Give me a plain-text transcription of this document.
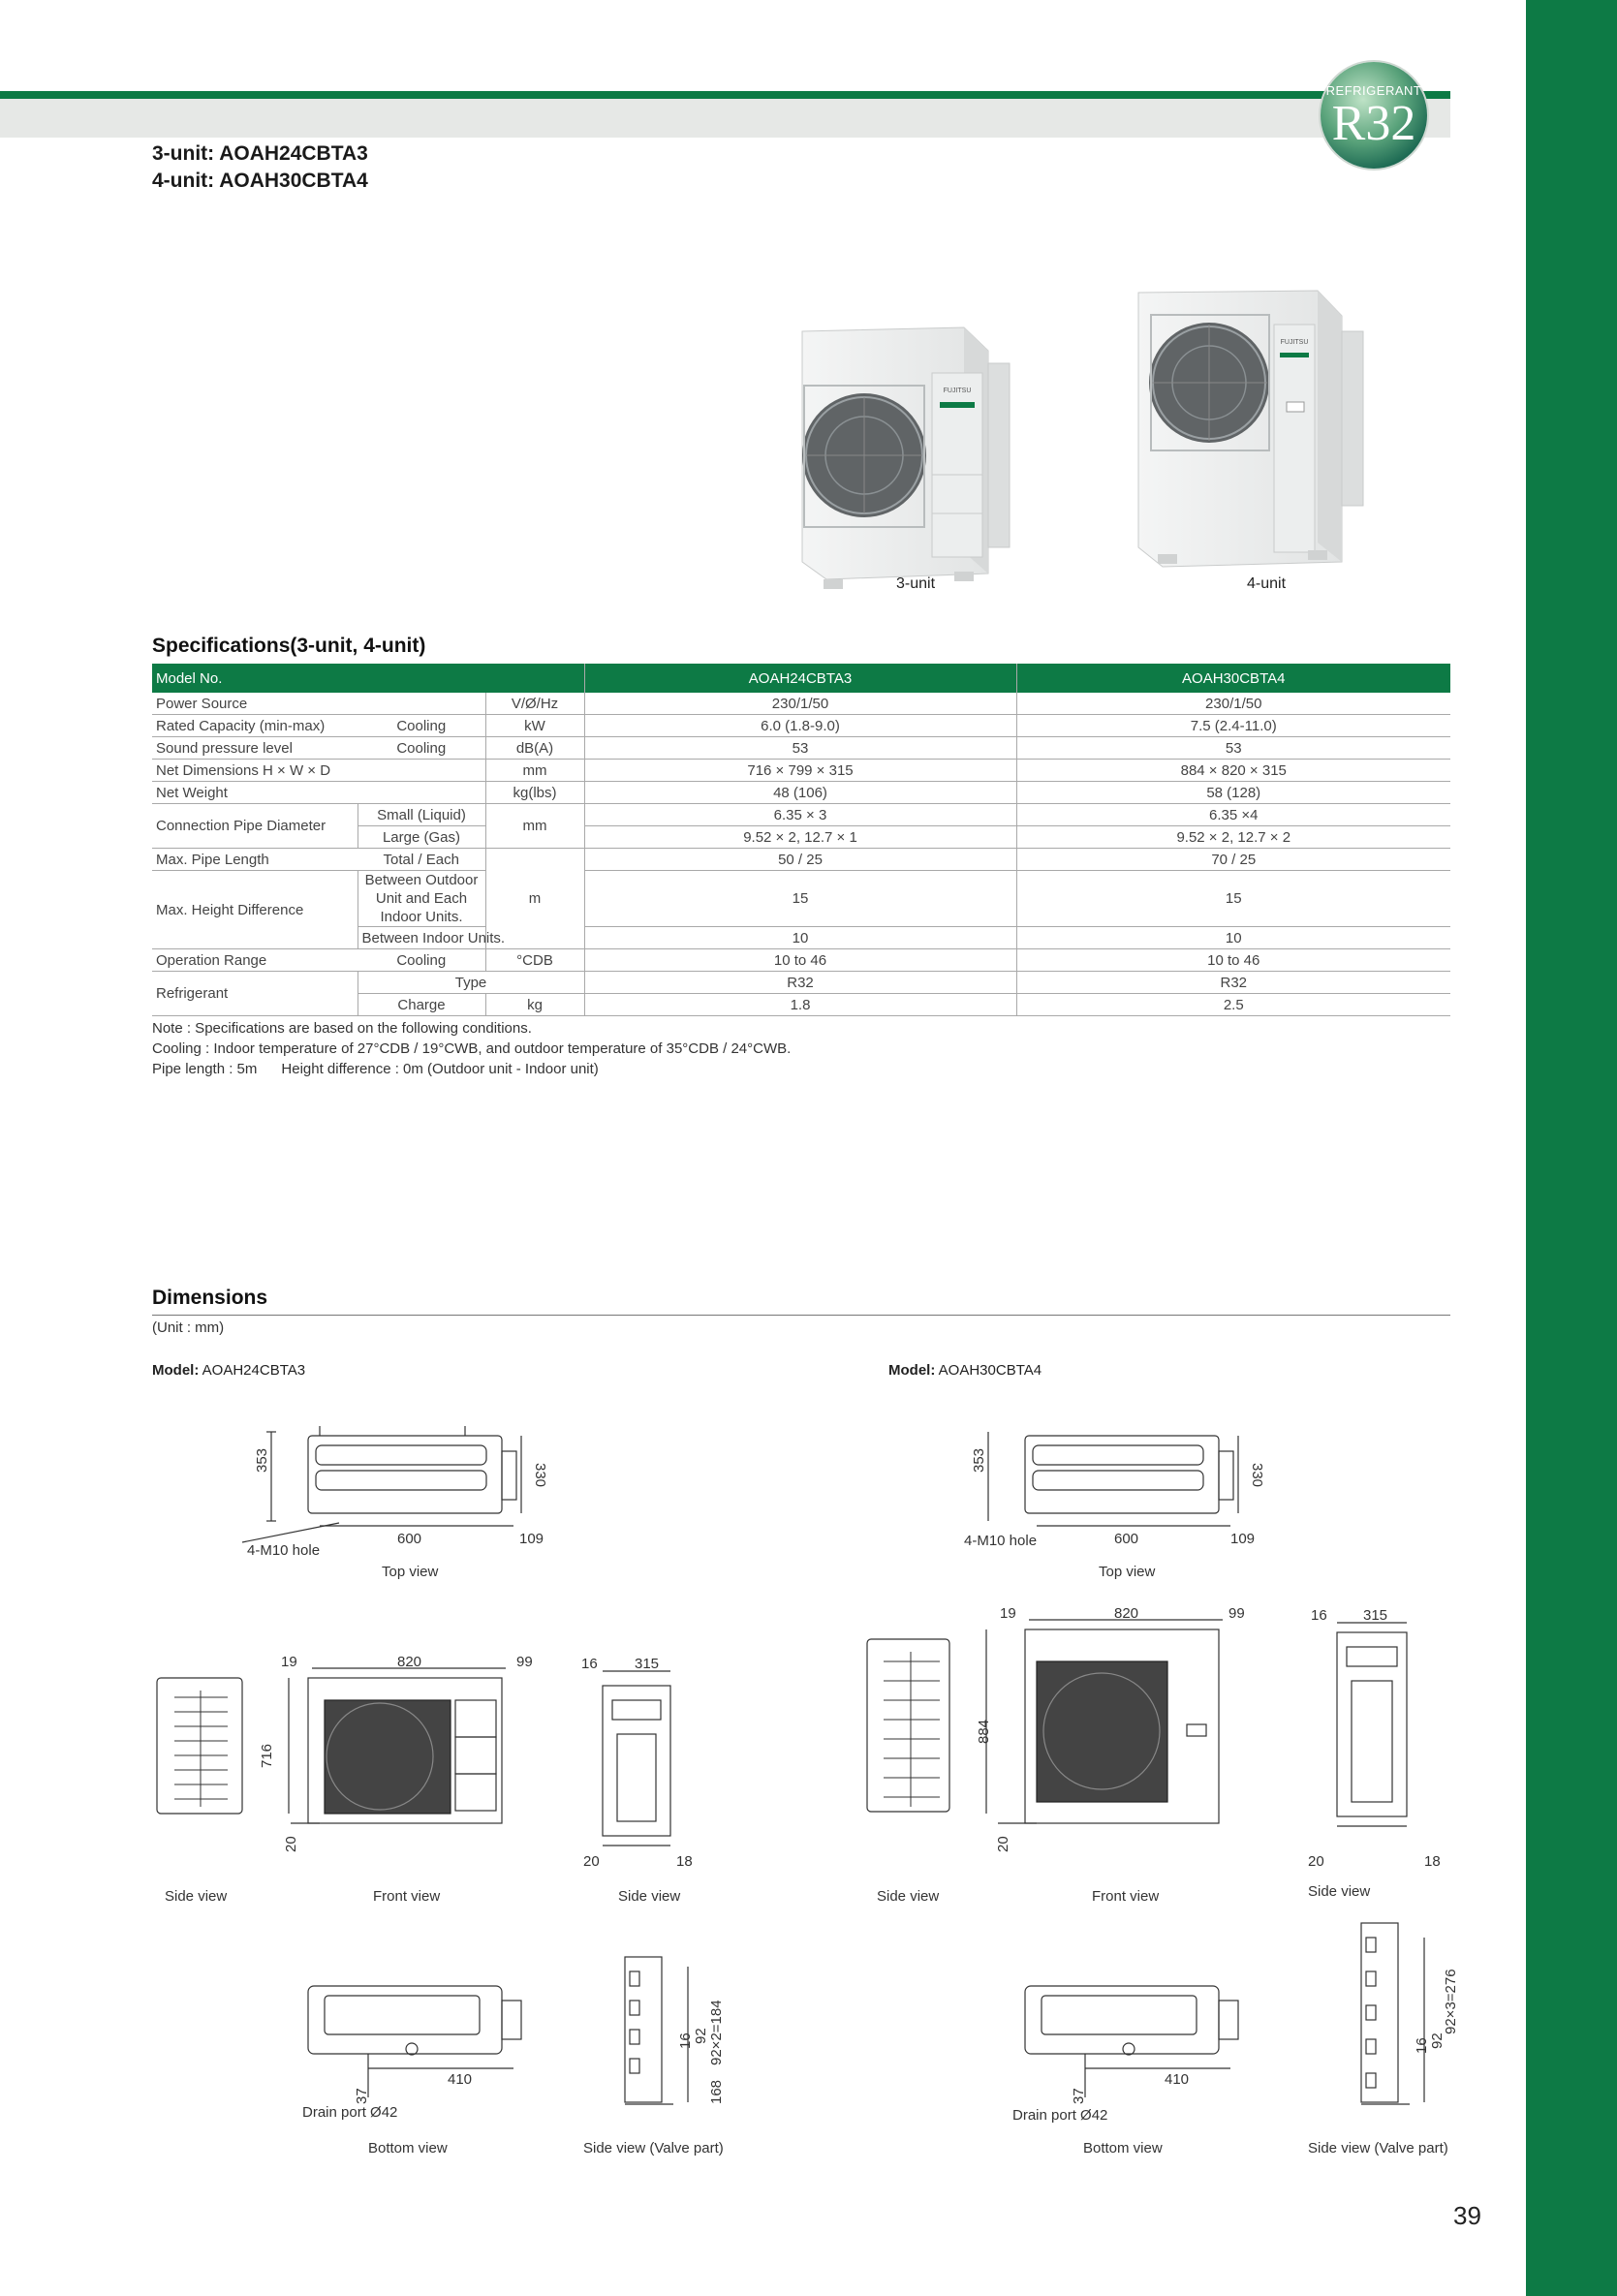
REFRIGERANT
R32
3-unit: AOAH24CBTA3
4-unit: AOAH30CBTA4
FUJITSU
FUJITSU
3-unit	4-unit
Specifications(3-unit, 4-unit)
Model No.			AOAH24CBTA3	AOAH30CBTA4
Power Source		V/Ø/Hz	230/1/50	230/1/50
Rated Capacity (min-max)	Cooling	kW	6.0 (1.8-9.0)	7.5 (2.4-11.0)
Sound pressure level	Cooling	dB(A)	53	53
Net Dimensions H × W × D		mm	716 × 799 × 315	884 × 820 × 315
Net Weight		kg(lbs)	48 (106)	58 (128)
Connection Pipe Diameter	Small (Liquid)	mm	6.35 × 3	6.35 ×4
	Large (Gas)		9.52 × 2, 12.7 × 1	9.52 × 2, 12.7 × 2
Max. Pipe Length	Total / Each	m	50 / 25	70 / 25
Max. Height Difference	Between Outdoor Unit and Each Indoor Units.		15	15
	Between Indoor Units.		10	10
Operation Range	Cooling	°CDB	10 to 46	10 to 46
Refrigerant	Type		R32	R32
	Charge	kg	1.8	2.5
Note : Specifications are based on the following conditions.
Cooling : Indoor temperature of 27°CDB / 19°CWB, and outdoor temperature of 35°CDB / 24°CWB.
Pipe length : 5m      Height difference : 0m (Outdoor unit - Indoor unit)
Dimensions
(Unit : mm)
Model: AOAH24CBTA3	Model: AOAH30CBTA4
353
330
600	109
4-M10 hole
Top view
Side view
19	820	99
716
20
Front view
16	315
20	18
Side view
37
410
Drain port Ø42
Bottom view
16 92
168
92×2=184
Side view (Valve part)
353
330
600	109
4-M10 hole
Top view
Side view
19	820	99
884
20
Front view
16 315
20	18
Side view
37
410
Drain port Ø42
Bottom view
16 92
92×3=276
Side view (Valve part)
39
